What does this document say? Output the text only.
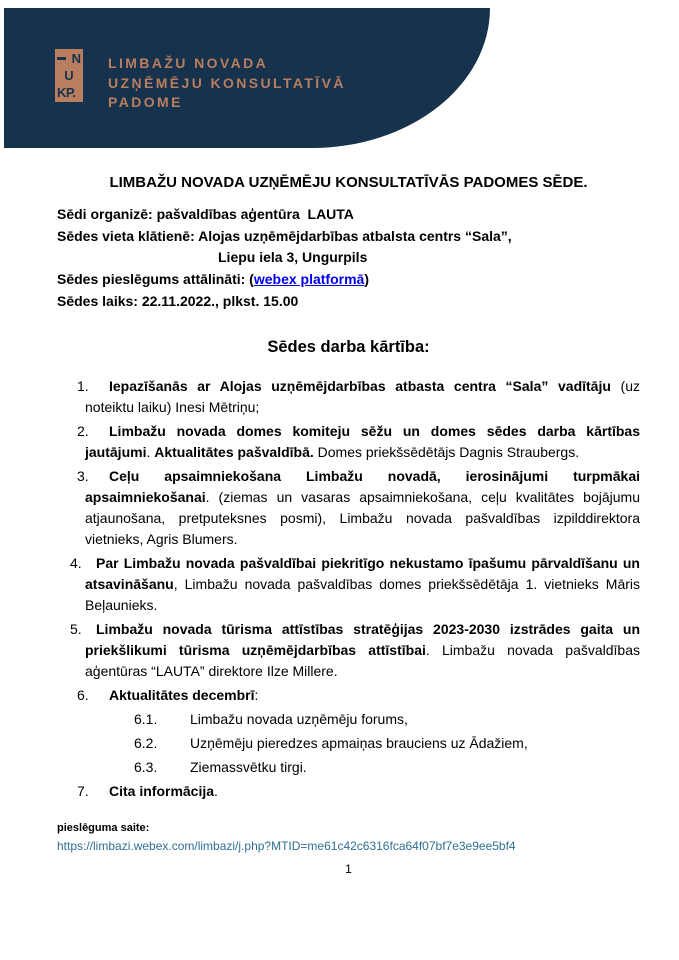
N
U
KP.
LIMBAŽU NOVADA
UZŅĒMĒJU KONSULTATĪVĀ
PADOME
LIMBAŽU NOVADA UZŅĒMĒJU KONSULTATĪVĀS PADOMES SĒDE.
Sēdi organizē: pašvaldības aģentūra  LAUTA
Sēdes vieta klātienē: Alojas uzņēmējdarbības atbalsta centrs “Sala”,
Liepu iela 3, Ungurpils
Sēdes pieslēgums attālināti: (webex platformā)
Sēdes laiks: 22.11.2022., plkst. 15.00
Sēdes darba kārtība:
1.	Iepazīšanās ar Alojas uzņēmējdarbības atbasta centra “Sala” vadītāju (uz noteiktu laiku) Inesi Mētriņu;
2.	Limbažu novada domes komiteju sēžu un domes sēdes darba kārtības jautājumi. Aktualitātes pašvaldībā. Domes priekšsēdētājs Dagnis Straubergs.
3.	Ceļu apsaimniekošana Limbažu novadā, ierosinājumi turpmākai apsaimniekošanai. (ziemas un vasaras apsaimniekošana, ceļu kvalitātes bojājumu atjaunošana, pretputeksnes posmi), Limbažu novada pašvaldības izpilddirektora vietnieks, Agris Blumers.
4.	Par Limbažu novada pašvaldībai piekritīgo nekustamo īpašumu pārvaldīšanu un atsavināšanu, Limbažu novada pašvaldības domes priekšsēdētāja 1. vietnieks Māris Beļaunieks.
5.	Limbažu novada tūrisma attīstības stratēģijas 2023-2030 izstrādes gaita un priekšlikumi tūrisma uzņēmējdarbības attīstībai. Limbažu novada pašvaldības aģentūras “LAUTA” direktore Ilze Millere.
6.	Aktualitātes decembrī:
6.1.	Limbažu novada uzņēmēju forums,
6.2.	Uzņēmēju pieredzes apmaiņas brauciens uz Ādažiem,
6.3.	Ziemassvētku tirgi.
7.	Cita informācija.
pieslēguma saite:
https://limbazi.webex.com/limbazi/j.php?MTID=me61c42c6316fca64f07bf7e3e9ee5bf4
1
